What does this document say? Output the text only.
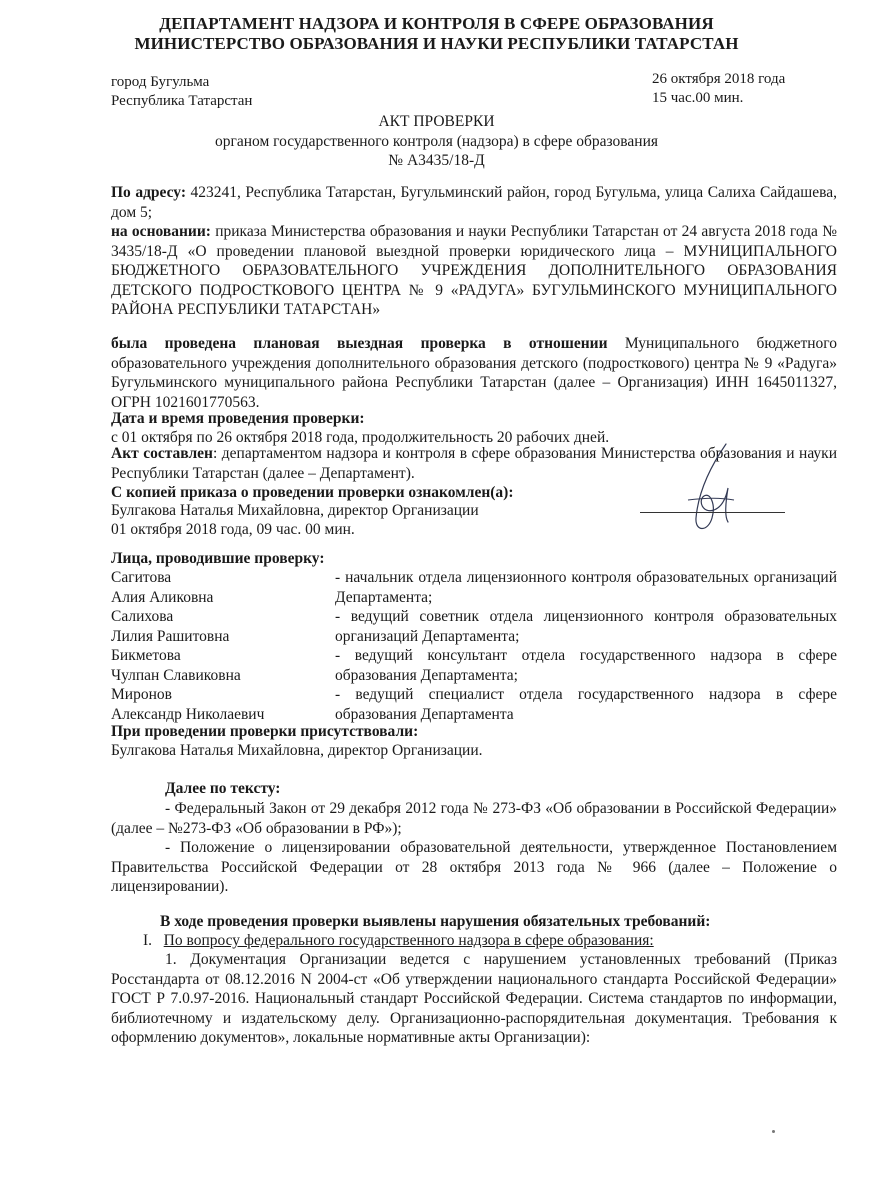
ДЕПАРТАМЕНТ НАДЗОРА И КОНТРОЛЯ В СФЕРЕ ОБРАЗОВАНИЯ
МИНИСТЕРСТВО ОБРАЗОВАНИЯ И НАУКИ РЕСПУБЛИКИ ТАТАРСТАН
город Бугульма
Республика Татарстан
26 октября 2018 года
15 час.00 мин.
АКТ ПРОВЕРКИ
органом государственного контроля (надзора) в сфере образования
№ А3435/18-Д
По адресу: 423241, Республика Татарстан, Бугульминский район, город Бугульма, улица Салиха Сайдашева, дом 5;
на основании: приказа Министерства образования и науки Республики Татарстан от 24 августа 2018 года № 3435/18-Д «О проведении плановой выездной проверки юридического лица – МУНИЦИПАЛЬНОГО БЮДЖЕТНОГО ОБРАЗОВАТЕЛЬНОГО УЧРЕЖДЕНИЯ ДОПОЛНИТЕЛЬНОГО ОБРАЗОВАНИЯ ДЕТСКОГО ПОДРОСТКОВОГО ЦЕНТРА № 9 «РАДУГА» БУГУЛЬМИНСКОГО МУНИЦИПАЛЬНОГО РАЙОНА РЕСПУБЛИКИ ТАТАРСТАН»
была проведена плановая выездная проверка в отношении Муниципального бюджетного образовательного учреждения дополнительного образования детского (подросткового) центра № 9 «Радуга» Бугульминского муниципального района Республики Татарстан (далее – Организация) ИНН 1645011327, ОГРН 1021601770563.
Дата и время проведения проверки:
с 01 октября по 26 октября 2018 года, продолжительность 20 рабочих дней.
Акт составлен: департаментом надзора и контроля в сфере образования Министерства образования и науки Республики Татарстан (далее – Департамент).
С копией приказа о проведении проверки ознакомлен(а):
Булгакова Наталья Михайловна, директор Организации
01 октября 2018 года, 09 час. 00 мин.
Лица, проводившие проверку:
Сагитова
Алия Аликовна
- начальник отдела лицензионного контроля образовательных организаций Департамента;
Салихова
Лилия Рашитовна
- ведущий советник отдела лицензионного контроля образовательных организаций Департамента;
Бикметова
Чулпан Славиковна
- ведущий консультант отдела государственного надзора в сфере образования Департамента;
Миронов
Александр Николаевич
- ведущий специалист отдела государственного надзора в сфере образования Департамента
При проведении проверки присутствовали:
Булгакова Наталья Михайловна, директор Организации.
Далее по тексту:
- Федеральный Закон от 29 декабря 2012 года № 273-ФЗ «Об образовании в Российской Федерации» (далее – №273-ФЗ «Об образовании в РФ»);
- Положение о лицензировании образовательной деятельности, утвержденное Постановлением Правительства Российской Федерации от 28 октября 2013 года № 966 (далее – Положение о лицензировании).
В ходе проведения проверки выявлены нарушения обязательных требований:
I. По вопросу федерального государственного надзора в сфере образования:
1. Документация Организации ведется с нарушением установленных требований (Приказ Росстандарта от 08.12.2016 N 2004-ст «Об утверждении национального стандарта Российской Федерации» ГОСТ Р 7.0.97-2016. Национальный стандарт Российской Федерации. Система стандартов по информации, библиотечному и издательскому делу. Организационно-распорядительная документация. Требования к оформлению документов», локальные нормативные акты Организации):
